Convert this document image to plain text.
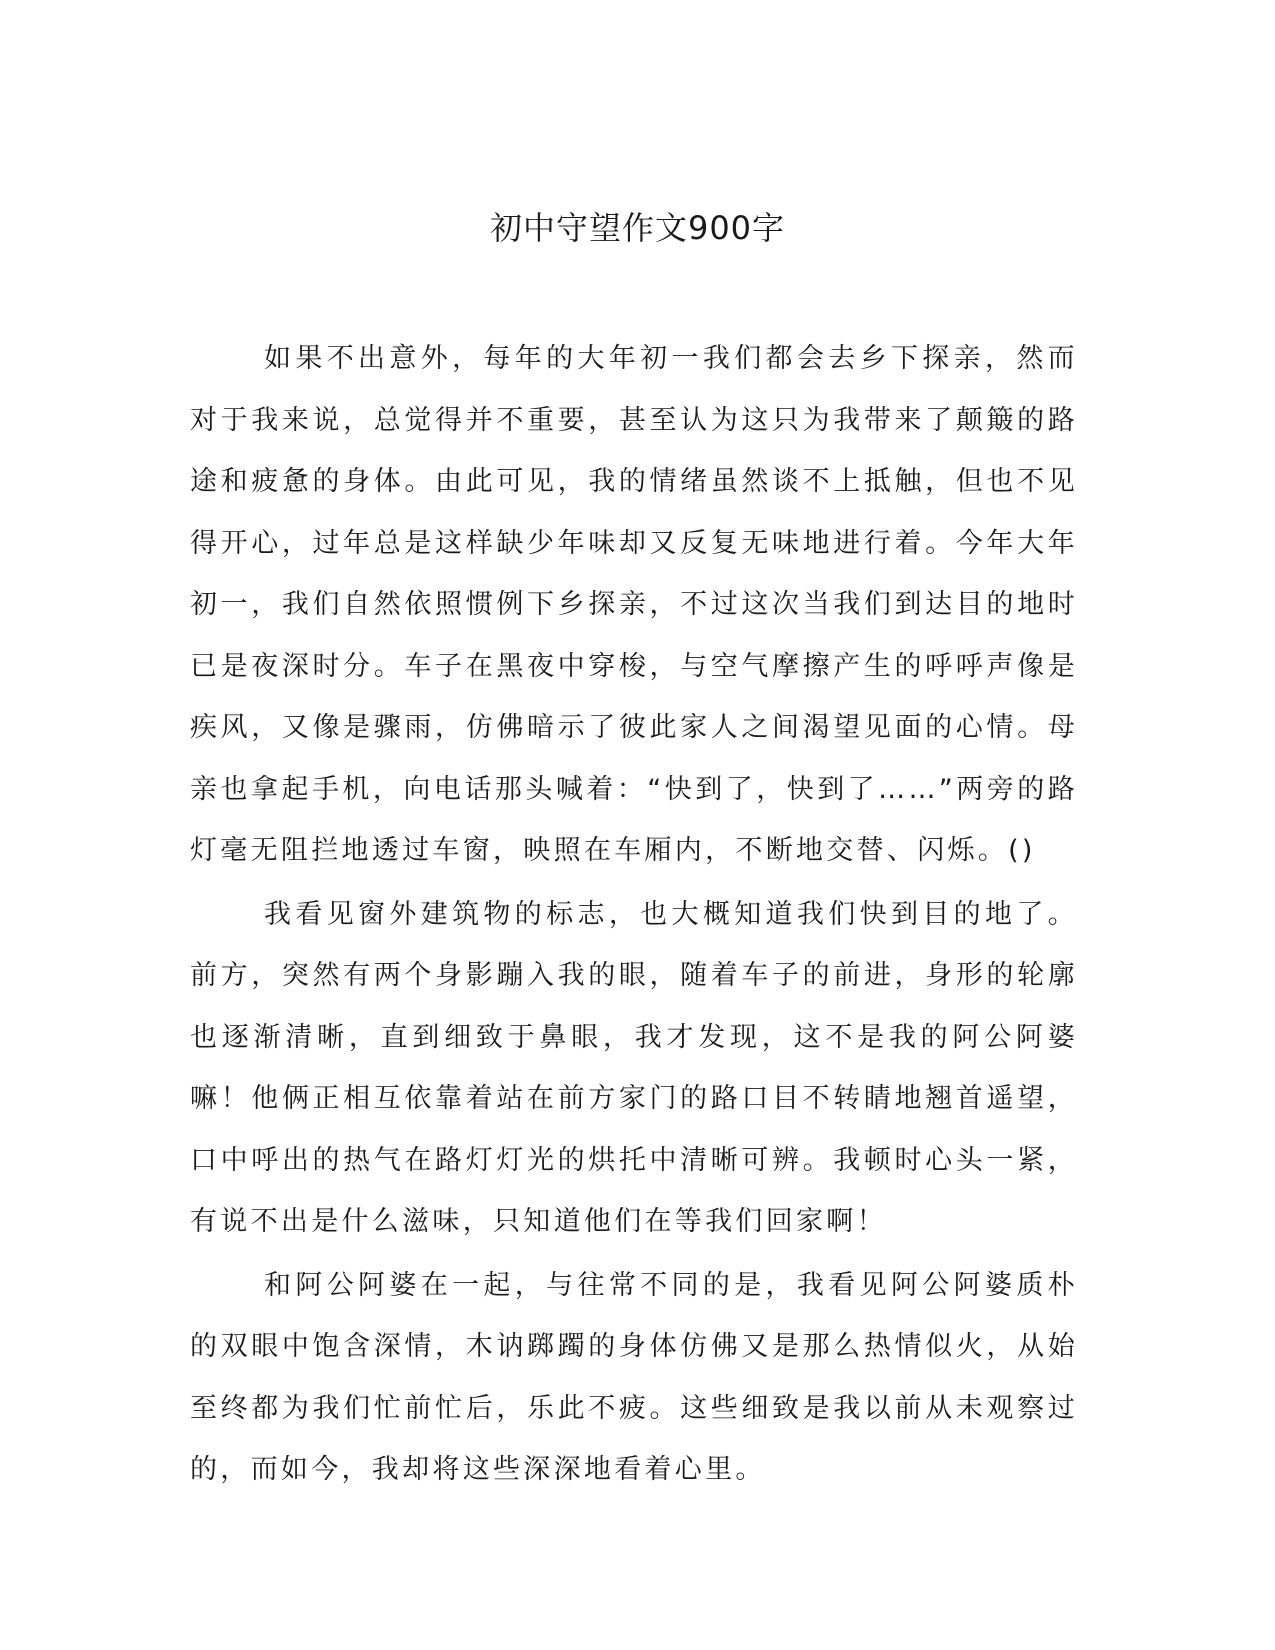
初中守望作文900字

如果不出意外，每年的大年初一我们都会去乡下探亲，然而对于我来说，总觉得并不重要，甚至认为这只为我带来了颠簸的路途和疲惫的身体。由此可见，我的情绪虽然谈不上抵触，但也不见得开心，过年总是这样缺少年味却又反复无味地进行着。今年大年初一，我们自然依照惯例下乡探亲，不过这次当我们到达目的地时已是夜深时分。车子在黑夜中穿梭，与空气摩擦产生的呼呼声像是疾风，又像是骤雨，仿佛暗示了彼此家人之间渴望见面的心情。母亲也拿起手机，向电话那头喊着：“快到了，快到了……”两旁的路灯毫无阻拦地透过车窗，映照在车厢内，不断地交替、闪烁。()

我看见窗外建筑物的标志，也大概知道我们快到目的地了。前方，突然有两个身影蹦入我的眼，随着车子的前进，身形的轮廓也逐渐清晰，直到细致于鼻眼，我才发现，这不是我的阿公阿婆嘛！他俩正相互依靠着站在前方家门的路口目不转睛地翘首遥望，口中呼出的热气在路灯灯光的烘托中清晰可辨。我顿时心头一紧，有说不出是什么滋味，只知道他们在等我们回家啊！

和阿公阿婆在一起，与往常不同的是，我看见阿公阿婆质朴的双眼中饱含深情，木讷踯躅的身体仿佛又是那么热情似火，从始至终都为我们忙前忙后，乐此不疲。这些细致是我以前从未观察过的，而如今，我却将这些深深地看着心里。
